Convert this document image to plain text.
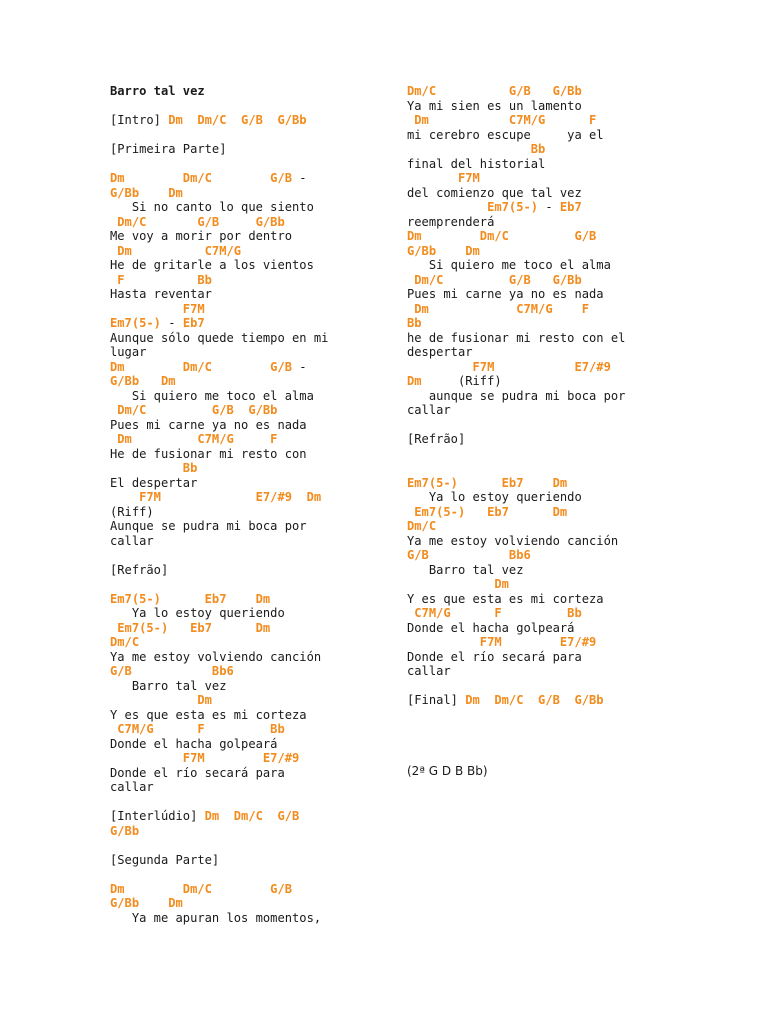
Barro tal vez
[Intro] Dm  Dm/C  G/B  G/Bb
[Primeira Parte]
Dm        Dm/C        G/B -
G/Bb    Dm
Si no canto lo que siento
Dm/C       G/B     G/Bb
Me voy a morir por dentro
Dm          C7M/G
He de gritarle a los vientos
F          Bb
Hasta reventar
F7M
Em7(5-) - Eb7
Aunque sólo quede tiempo en mi
lugar
Dm        Dm/C        G/B -
G/Bb   Dm
Si quiero me toco el alma
Dm/C         G/B  G/Bb
Pues mi carne ya no es nada
Dm         C7M/G     F
He de fusionar mi resto con
Bb
El despertar
F7M             E7/#9  Dm
(Riff)
Aunque se pudra mi boca por
callar
[Refrão]
Em7(5-)      Eb7    Dm
Ya lo estoy queriendo
Em7(5-)   Eb7      Dm
Dm/C
Ya me estoy volviendo canción
G/B           Bb6
Barro tal vez
Dm
Y es que esta es mi corteza
C7M/G      F         Bb
Donde el hacha golpeará
F7M        E7/#9
Donde el río secará para
callar
[Interlúdio] Dm  Dm/C  G/B
G/Bb
[Segunda Parte]
Dm        Dm/C        G/B
G/Bb    Dm
Ya me apuran los momentos,
Dm/C          G/B   G/Bb
Ya mi sien es un lamento
Dm           C7M/G      F
mi cerebro escupe     ya el
Bb
final del historial
F7M
del comienzo que tal vez
Em7(5-) - Eb7
reemprenderá
Dm        Dm/C         G/B
G/Bb    Dm
Si quiero me toco el alma
Dm/C         G/B   G/Bb
Pues mi carne ya no es nada
Dm            C7M/G    F
Bb
he de fusionar mi resto con el
despertar
F7M           E7/#9
Dm     (Riff)
aunque se pudra mi boca por
callar
[Refrão]
Em7(5-)      Eb7    Dm
Ya lo estoy queriendo
Em7(5-)   Eb7      Dm
Dm/C
Ya me estoy volviendo canción
G/B           Bb6
Barro tal vez
Dm
Y es que esta es mi corteza
C7M/G      F         Bb
Donde el hacha golpeará
F7M        E7/#9
Donde el río secará para
callar
[Final] Dm  Dm/C  G/B  G/Bb
(2ª G D B Bb)
